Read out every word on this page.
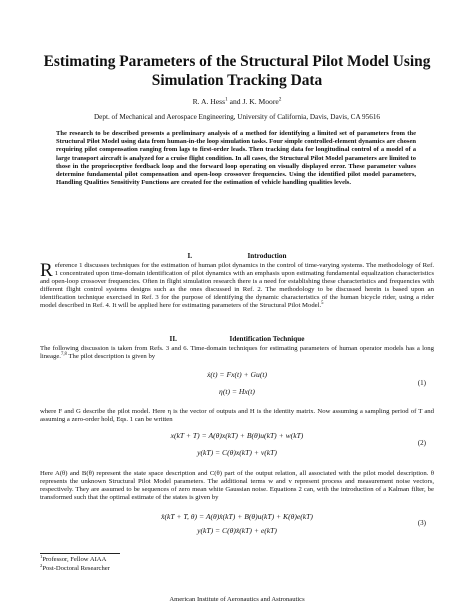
Estimating Parameters of the Structural Pilot Model Using
Simulation Tracking Data
R. A. Hess$^1$ and J. K. Moore$^2$
Dept. of Mechanical and Aerospace Engineering, University of California, Davis, Davis, CA 95616
The research to be described presents a preliminary analysis of a method for identifying a limited set of parameters from the Structural Pilot Model using data from human-in-the loop simulation tasks. Four simple controlled-element dynamics are chosen requiring pilot compensation ranging from lags to first-order leads. Then tracking data for longitudinal control of a model of a large transport aircraft is analyzed for a cruise flight condition. In all cases, the Structural Pilot Model parameters are limited to those in the proprioceptive feedback loop and the forward loop operating on visually displayed error. These parameter values determine fundamental pilot compensation and open-loop crossover frequencies. Using the identified pilot model parameters, Handling Qualities Sensitivity Functions are created for the estimation of vehicle handling qualities levels.
I.	Introduction
Reference 1 discusses techniques for the estimation of human pilot dynamics in the control of time-varying systems. The methodology of Ref. 1 concentrated upon time-domain identification of pilot dynamics with an emphasis upon estimating fundamental equalization characteristics and open-loop crossover frequencies. Often in flight simulation research there is a need for establishing these characteristics and frequencies with different flight control systems designs such as the ones discussed in Ref. 2. The methodology to be discussed herein is based upon an identification technique exercised in Ref. 3 for the purpose of identifying the dynamic characteristics of the human bicycle rider, using a rider model described in Ref. 4. It will be applied here for estimating parameters of the Structural Pilot Model.$^5$
II.	Identification Technique
The following discussion is taken from Refs. 3 and 6. Time-domain techniques for estimating parameters of human operator models has a long lineage.$^{7,8}$ The pilot description is given by
ẋ(t) = Fx(t) + Gu(t)
η(t) = Hx(t)
(1)
where F and G describe the pilot model. Here η is the vector of outputs and H is the identity matrix. Now assuming a sampling period of T and assuming a zero-order hold, Eqs. 1 can be written
x(kT + T) = A(θ)x(kT) + B(θ)u(kT) + w(kT)
y(kT) = C(θ)x(kT) + v(kT)
(2)
Here A(θ) and B(θ) represent the state space description and C(θ) part of the output relation, all associated with the pilot model description. θ represents the unknown Structural Pilot Model parameters. The additional terms w and v represent process and measurement noise vectors, respectively. They are assumed to be sequences of zero mean white Gaussian noise. Equations 2 can, with the introduction of a Kalman filter, be transformed such that the optimal estimate of the states is given by
x̂(kT + T, θ) = A(θ)x̂(kT) + B(θ)u(kT) + K(θ)e(kT)
y(kT) = C(θ)x̂(kT) + e(kT)
(3)
$^1$Professor, Fellow AIAA
$^2$Post-Doctoral Researcher
American Institute of Aeronautics and Astronautics
